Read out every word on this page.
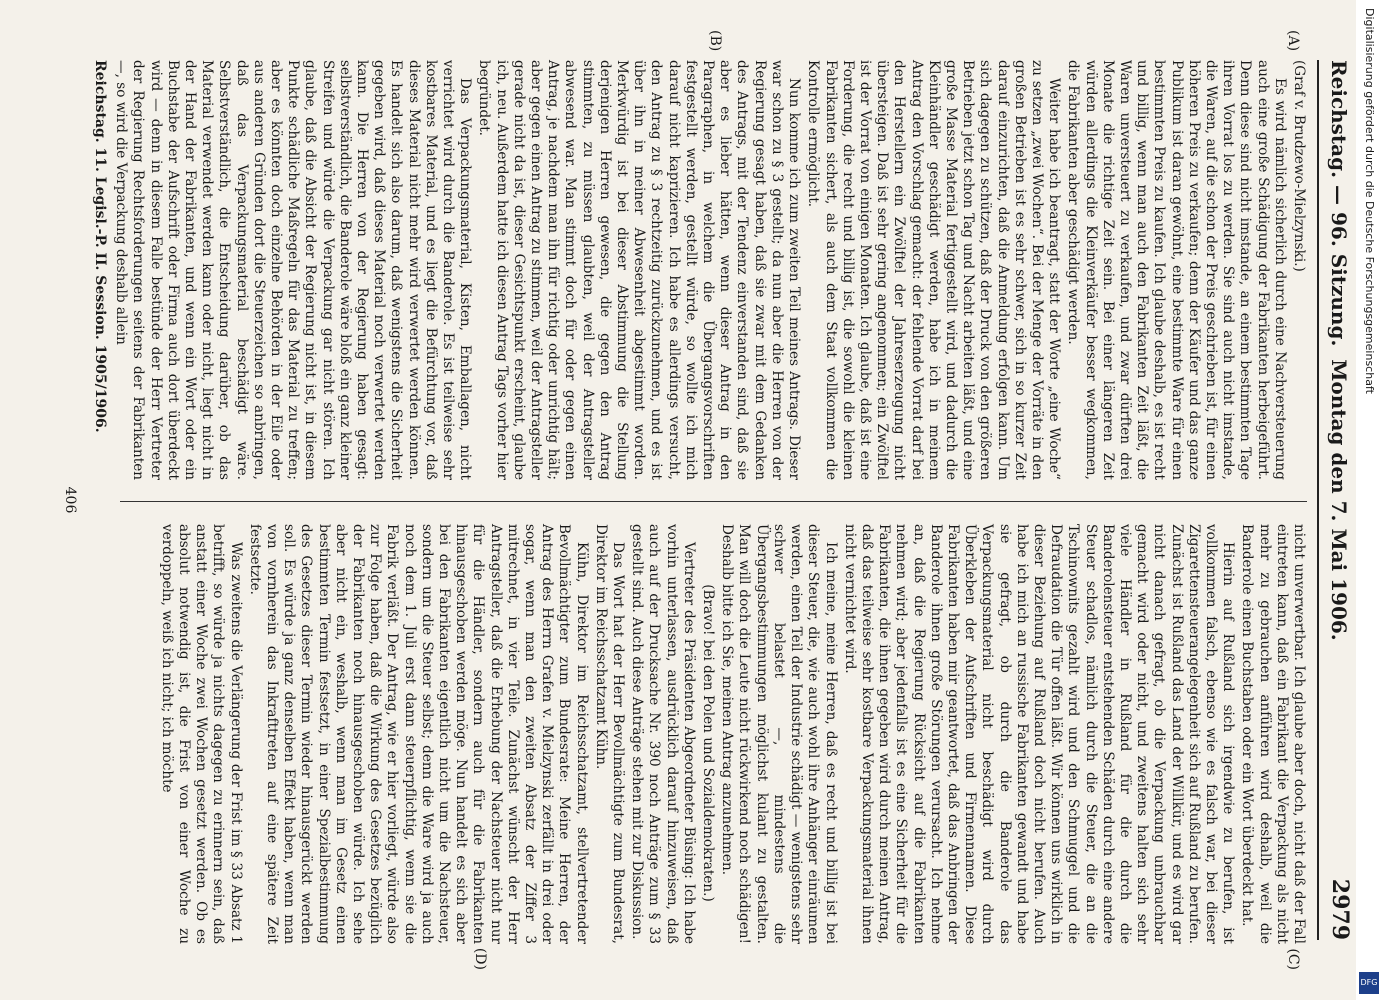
Reichstag. — 96. Sitzung.
Montag den 7. Mai 1906.
2979
(A)
(B)
(C)
(D)

(Graf v. Brudzewo-Mielzynski.)

Es wird nämlich sicherlich durch eine Nachversteuerung auch eine große Schädigung der Fabrikanten herbeigeführt. Denn diese sind nicht imstande, an einem bestimmten Tage ihren Vorrat los zu werden. Sie sind auch nicht imstande, die Waren, auf die schon der Preis geschrieben ist, für einen höheren Preis zu verkaufen; denn der Käufer und das ganze Publikum ist daran gewöhnt, eine bestimmte Ware für einen bestimmten Preis zu kaufen. Ich glaube deshalb, es ist recht und billig, wenn man auch den Fabrikanten Zeit läßt, die Waren unversteuert zu verkaufen, und zwar dürften drei Monate die richtige Zeit sein. Bei einer längeren Zeit würden allerdings die Kleinverkäufer besser wegkommen, die Fabrikanten aber geschädigt werden.

Weiter habe ich beantragt, statt der Worte „eine Woche“ zu setzen „zwei Wochen“. Bei der Menge der Vorräte in den großen Betrieben ist es sehr schwer, sich in so kurzer Zeit darauf einzurichten, daß die Anmeldung erfolgen kann. Um sich dagegen zu schützen, daß der Druck von den größeren Betrieben jetzt schon Tag und Nacht arbeiten läßt, und eine große Masse Material fertiggestellt wird, und dadurch die Kleinhändler geschädigt werden, habe ich in meinem Antrag den Vorschlag gemacht: der fehlende Vorrat darf bei den Herstellern ein Zwölftel der Jahreserzeugung nicht übersteigen. Daß ist sehr gering angenommen; ein Zwölftel ist der Vorrat von einigen Monaten. Ich glaube, daß ist eine Forderung, die recht und billig ist, die sowohl die kleinen Fabrikanten sichert, als auch dem Staat vollkommen die Kontrolle ermöglicht.

Nun komme ich zum zweiten Teil meines Antrags. Dieser war schon zu § 3 gestellt; da nun aber die Herren von der Regierung gesagt haben, daß sie zwar mit dem Gedanken des Antrags, mit der Tendenz einverstanden sind, daß sie aber es lieber hätten, wenn dieser Antrag in den Paragraphen, in welchem die Übergangsvorschriften festgestellt werden, gestellt würde, so wollte ich mich darauf nicht kaprizieren. Ich habe es allerdings versucht, den Antrag zu § 3 rechtzeitig zurückzunehmen, und es ist über ihn in meiner Abwesenheit abgestimmt worden. Merkwürdig ist bei dieser Abstimmung die Stellung derjenigen Herren gewesen, die gegen den Antrag stimmten, zu müssen glaubten, weil der Antragsteller abwesend war. Man stimmt doch für oder gegen einen Antrag, je nachdem man ihn für richtig oder unrichtig hält; aber gegen einen Antrag zu stimmen, weil der Antragsteller gerade nicht da ist, dieser Gesichtspunkt erscheint, glaube ich, neu. Außerdem hatte ich diesen Antrag Tags vorher hier begründet.

Das Verpackungsmaterial, Kisten, Emballagen, nicht verrichtet wird durch die Banderole. Es ist teilweise sehr kostbares Material, und es liegt die Befürchtung vor, daß dieses Material nicht mehr wird verwertet werden können. Es handelt sich also darum, daß wenigstens die Sicherheit gegeben wird, daß dieses Material noch verwertet werden kann. Die Herren von der Regierung haben gesagt: selbstverständlich, die Banderole wäre bloß ein ganz kleiner Streifen und würde die Verpackung gar nicht stören. Ich glaube, daß die Absicht der Regierung nicht ist, in diesem Punkte schädliche Maßregeln für das Material zu treffen; aber es könnten doch einzelne Behörden in der Eile oder aus anderen Gründen dort die Steuerzeichen so anbringen, daß das Verpackungsmaterial beschädigt wäre. Selbstverständlich, die Entscheidung darüber, ob das Material verwendet werden kann oder nicht, liegt nicht in der Hand der Fabrikanten, und wenn ein Wort oder ein Buchstabe der Aufschrift oder Firma auch dort überdeckt wird — denn in diesem Falle bestünde der Herr Vertreter der Regierung Rechtsforderungen seitens der Fabrikanten —, so wird die Verpackung deshalb allein

nicht unverwertbar. Ich glaube aber doch, nicht daß der Fall eintreten kann, daß ein Fabrikant die Verpackung als nicht mehr zu gebrauchen anführen wird deshalb, weil die Banderole einen Buchstaben oder ein Wort überdeckt hat.

Hierin auf Rußland sich irgendwie zu berufen, ist vollkommen falsch, ebenso wie es falsch war, bei dieser Zigarettensteuerangelegenheit sich auf Rußland zu berufen. Zunächst ist Rußland das Land der Willkür, und es wird gar nicht danach gefragt, ob die Verpackung unbrauchbar gemacht wird oder nicht, und zweitens halten sich sehr viele Händler in Rußland für die durch die Banderolensteuer entstehenden Schäden durch eine andere Steuer schadlos, nämlich durch die Steuer, die an die Tschinownits gezahlt wird und den Schmuggel und die Defraudation die Tür offen läßt. Wir können uns wirklich in dieser Beziehung auf Rußland doch nicht berufen. Auch habe ich mich an russische Fabrikanten gewandt und habe sie gefragt, ob durch die Banderole das Verpackungsmaterial nicht beschädigt wird durch Überkleben der Aufschriften und Firmennamen. Diese Fabrikanten haben mir geantwortet, daß das Anbringen der Banderole ihnen große Störungen verursacht. Ich nehme an, daß die Regierung Rücksicht auf die Fabrikanten nehmen wird; aber jedenfalls ist es eine Sicherheit für die Fabrikanten, die ihnen gegeben wird durch meinen Antrag, daß das teilweise sehr kostbare Verpackungsmaterial ihnen nicht vernichtet wird.

Ich meine, meine Herren, daß es recht und billig ist bei dieser Steuer, die, wie auch wohl ihre Anhänger einräumen werden, einen Teil der Industrie schädigt — wenigstens sehr schwer belastet —, mindestens die Übergangsbestimmungen möglichst kulant zu gestalten. Man will doch die Leute nicht rückwirkend noch schädigen! Deshalb bitte ich Sie, meinen Antrag anzunehmen.

(Bravo! bei den Polen und Sozialdemokraten.)

Vertreter des Präsidenten Abgeordneter Büsing: Ich habe vorhin unterlassen, ausdrücklich darauf hinzuweisen, daß auch auf der Drucksache Nr. 390 noch Anträge zum § 33 gestellt sind. Auch diese Anträge stehen mit zur Diskussion.

Das Wort hat der Herr Bevollmächtigte zum Bundesrat, Direktor im Reichsschatzamt Kühn.

Kühn, Direktor im Reichsschatzamt, stellvertretender Bevollmächtigter zum Bundesrate: Meine Herren, der Antrag des Herrn Grafen v. Mielzynski zerfällt in drei oder sogar, wenn man den zweiten Absatz der Ziffer 3 mitrechnet, in vier Teile. Zunächst wünscht der Herr Antragsteller, daß die Erhebung der Nachsteuer nicht nur für die Händler, sondern auch für die Fabrikanten hinausgeschoben werden möge. Nun handelt es sich aber bei den Fabrikanten eigentlich nicht um die Nachsteuer, sondern um die Steuer selbst; denn die Ware wird ja auch noch dem 1. Juli erst dann steuerpflichtig, wenn sie die Fabrik verläßt. Der Antrag, wie er hier vorliegt, würde also zur Folge haben, daß die Wirkung des Gesetzes bezüglich der Fabrikanten noch hinausgeschoben würde. Ich sehe aber nicht ein, weshalb, wenn man im Gesetz einen bestimmten Termin festsetzt, in einer Spezialbestimmung des Gesetzes dieser Termin wieder hinausgerückt werden soll. Es würde ja ganz denselben Effekt haben, wenn man von vornherein das Inkrafttreten auf eine spätere Zeit festsetzte.

Was zweitens die Verlängerung der Frist im § 33 Absatz 1 betrifft, so würde ja nichts dagegen zu erinnern sein, daß anstatt einer Woche zwei Wochen gesetzt werden. Ob es absolut notwendig ist, die Frist von einer Woche zu verdoppeln, weiß ich nicht; ich möchte

Reichstag. 11. Legisl.-P. II. Session. 1905/1906.
406
Digitalisierung gefördert durch die Deutsche Forschungsgemeinschaft
DFG
